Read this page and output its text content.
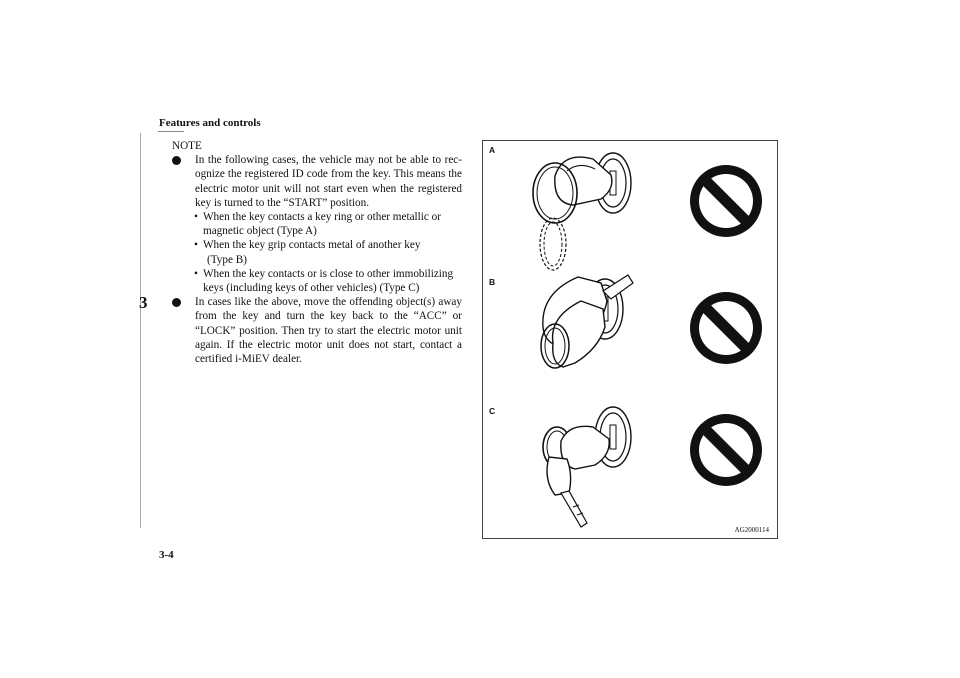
Features and controls
3
3-4

NOTE

In the following cases, the vehicle may not be able to rec-ognize the registered ID code from the key. This means the electric motor unit will not start even when the registered key is turned to the “START” position.

• When the key contacts a key ring or other metallic or

magnetic object (Type A)

• When the key grip contacts metal of another key

(Type B)

• When the key contacts or is close to other immobilizing

keys (including keys of other vehicles) (Type C)

In cases like the above, move the offending object(s) away from the key and turn the key back to the “ACC” or “LOCK” position. Then try to start the electric motor unit again. If the electric motor unit does not start, contact a certified i-MiEV dealer.

A
B
C
AG2000114
